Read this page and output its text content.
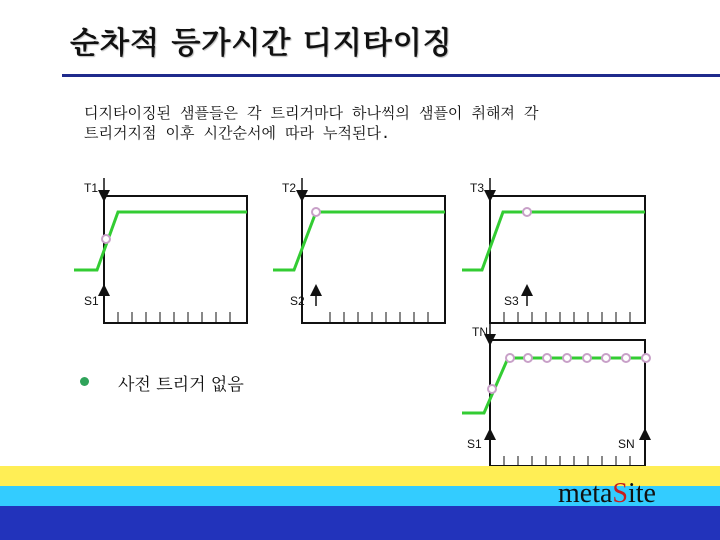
순차적 등가시간 디지타이징
디지타이징된 샘플들은 각 트리거마다 하나씩의 샘플이 취해져 각
트리거지점 이후 시간순서에 따라 누적된다.
T1	T2	T3
TN
S1	S2	S3
S1	SN
사전 트리거 없음
metaSite
